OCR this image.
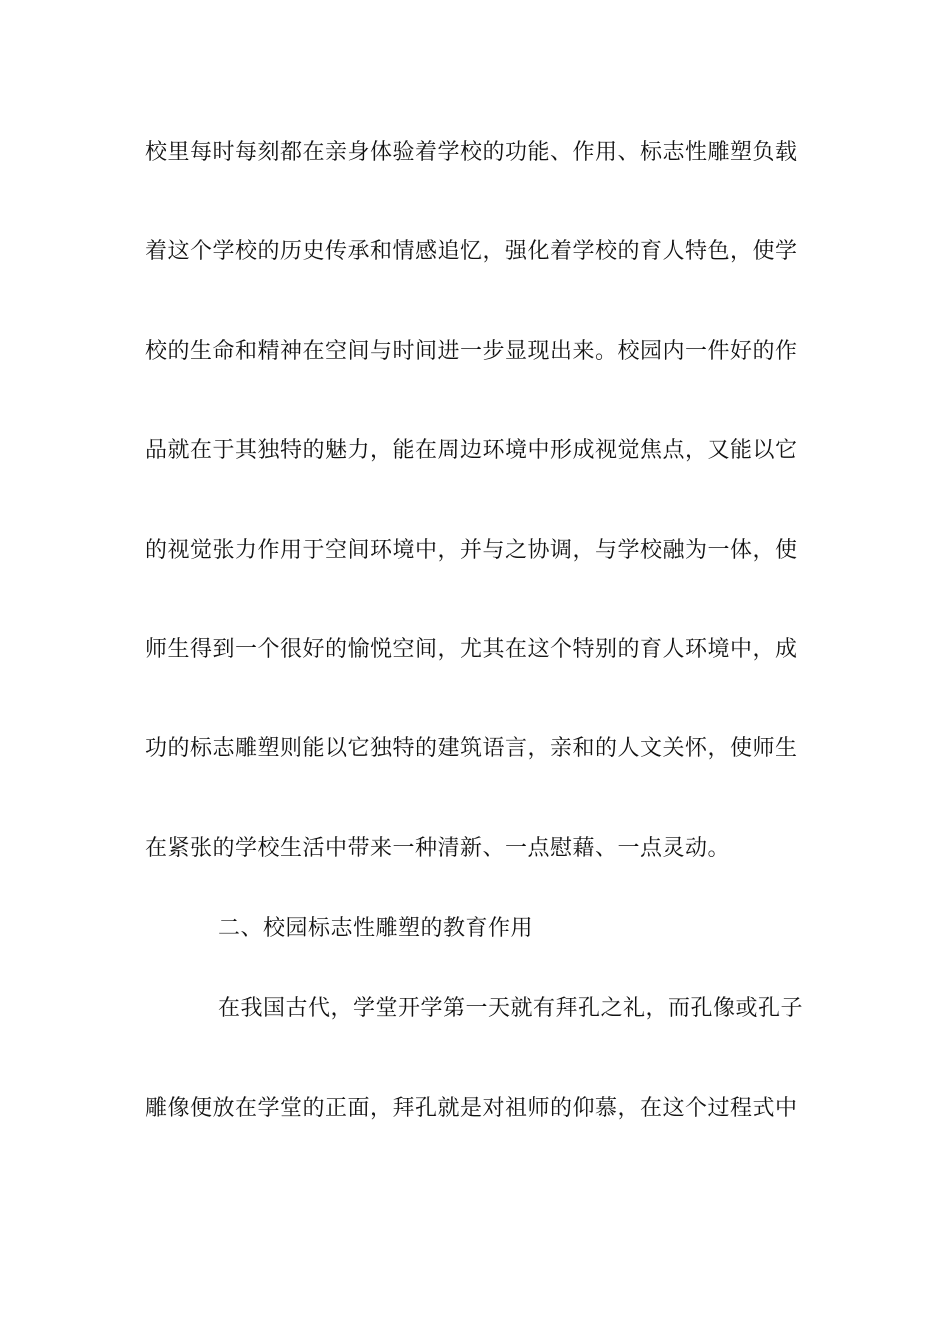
校里每时每刻都在亲身体验着学校的功能、作用、标志性雕塑负载
着这个学校的历史传承和情感追忆，强化着学校的育人特色，使学
校的生命和精神在空间与时间进一步显现出来。校园内一件好的作
品就在于其独特的魅力，能在周边环境中形成视觉焦点，又能以它
的视觉张力作用于空间环境中，并与之协调，与学校融为一体，使
师生得到一个很好的愉悦空间，尤其在这个特别的育人环境中，成
功的标志雕塑则能以它独特的建筑语言，亲和的人文关怀，使师生
在紧张的学校生活中带来一种清新、一点慰藉、一点灵动。
二、校园标志性雕塑的教育作用
在我国古代，学堂开学第一天就有拜孔之礼，而孔像或孔子
雕像便放在学堂的正面，拜孔就是对祖师的仰慕，在这个过程式中
